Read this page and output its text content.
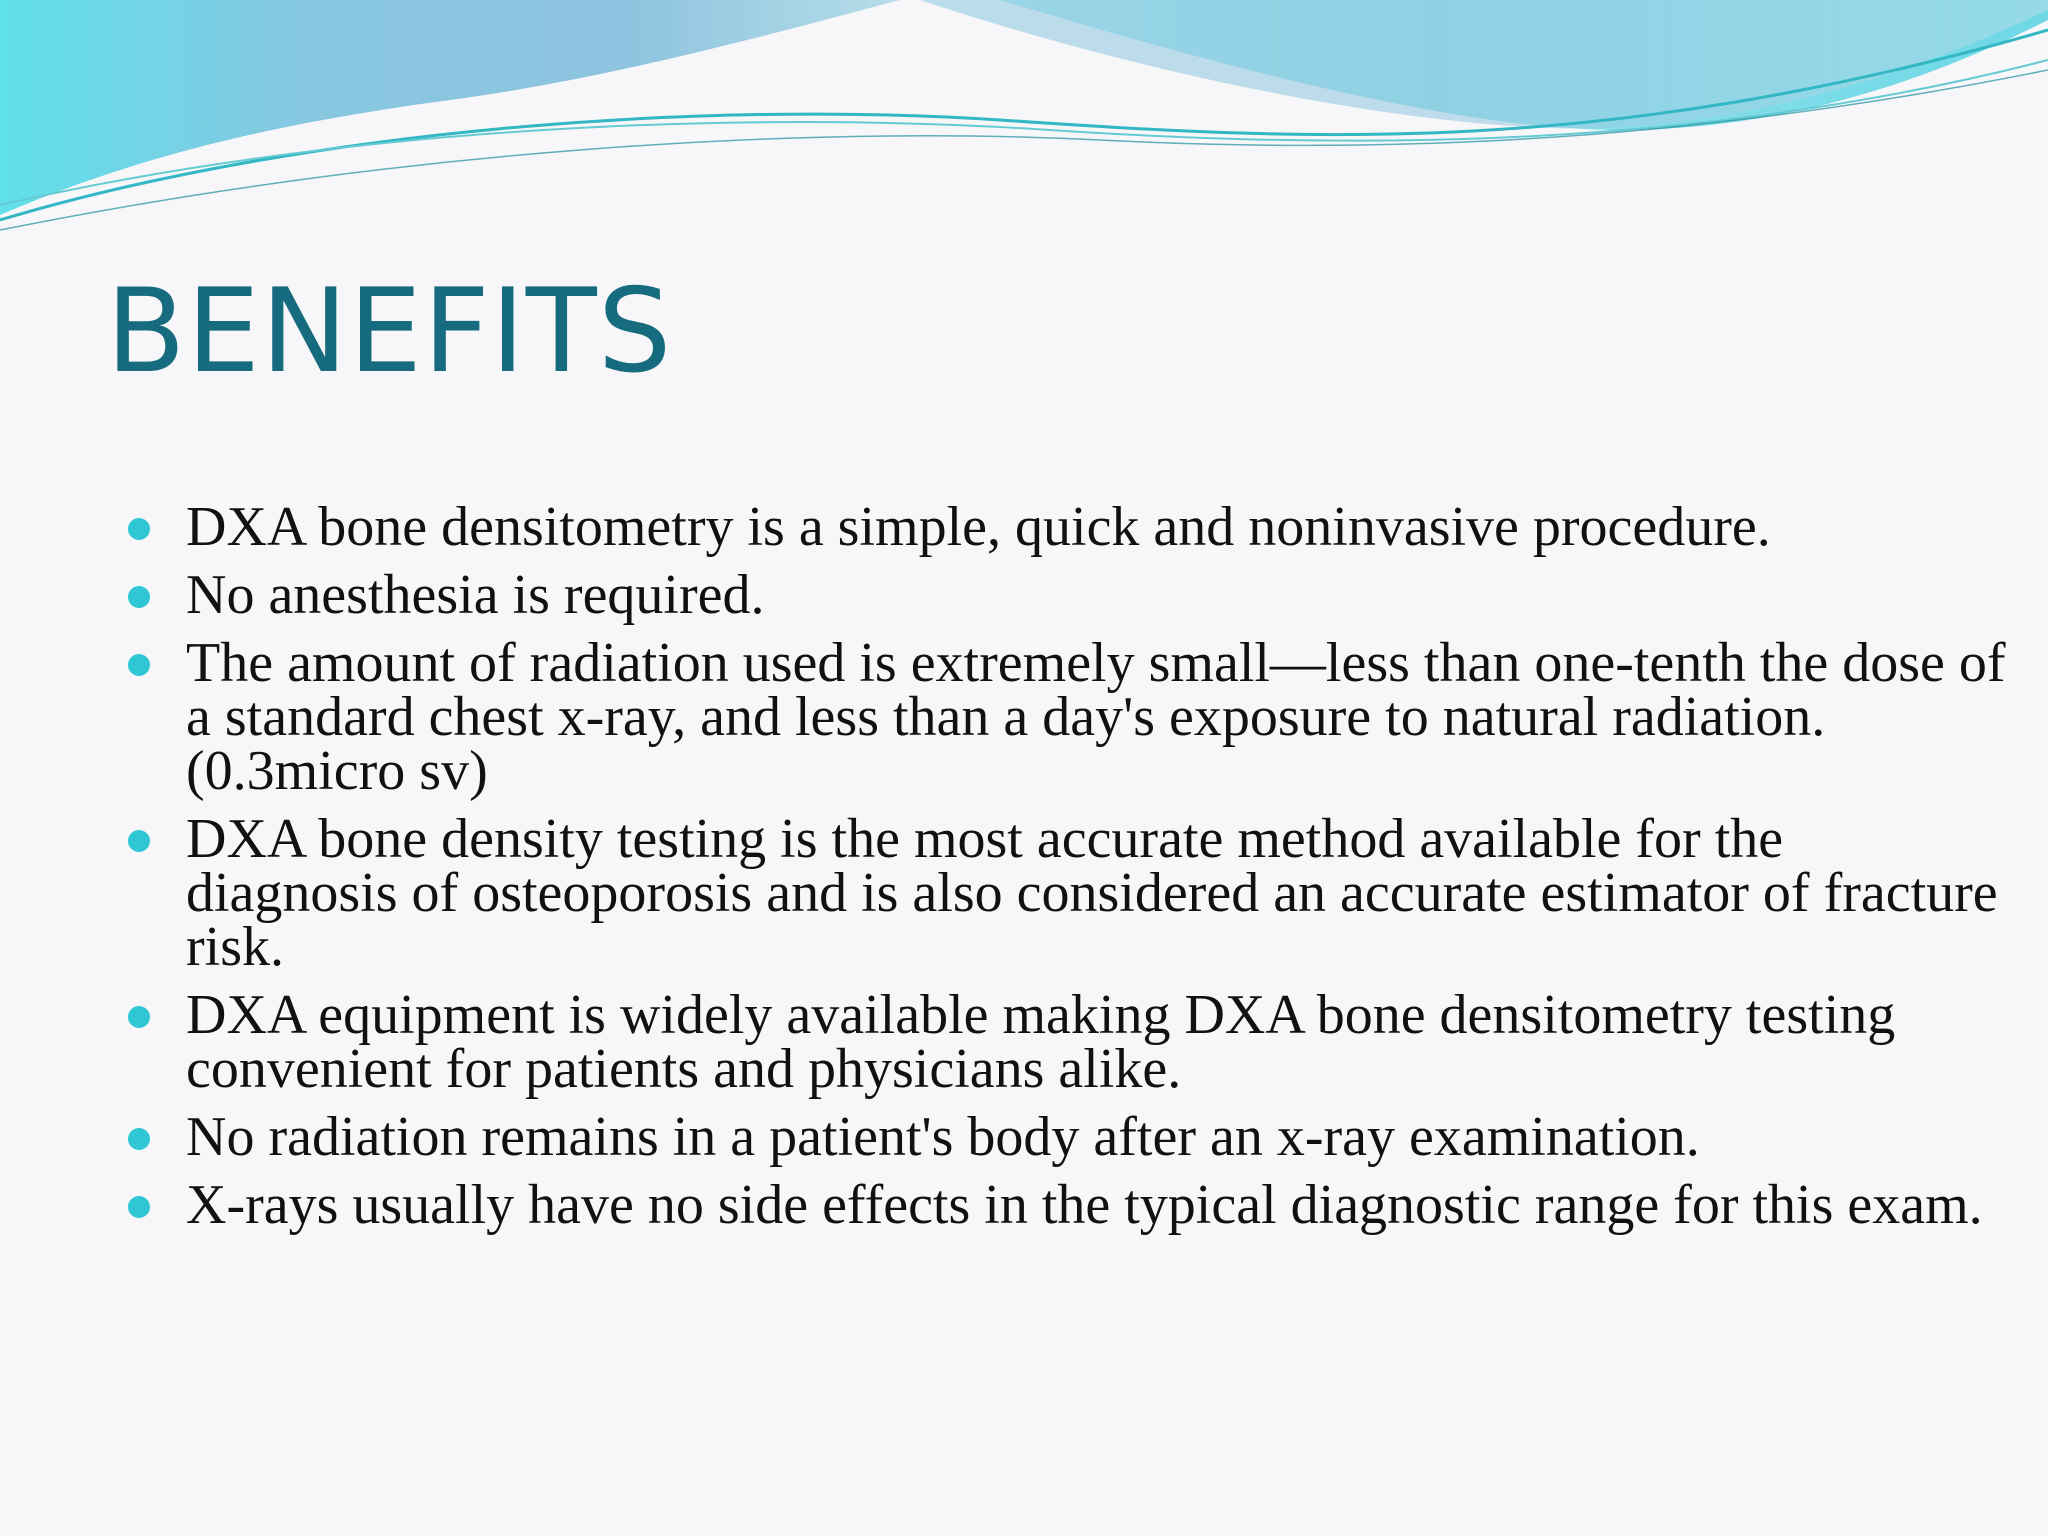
BENEFITS
DXA bone densitometry is a simple, quick and noninvasive procedure.
No anesthesia is required.
The amount of radiation used is extremely small—less than one-tenth the dose of a standard chest x-ray, and less than a day's exposure to natural radiation. (0.3micro sv)
DXA bone density testing is the most accurate method available for the diagnosis of osteoporosis and is also considered an accurate estimator of fracture risk.
DXA equipment is widely available making DXA bone densitometry testing convenient for patients and physicians alike.
No radiation remains in a patient's body after an x-ray examination.
X-rays usually have no side effects in the typical diagnostic range for this exam.
